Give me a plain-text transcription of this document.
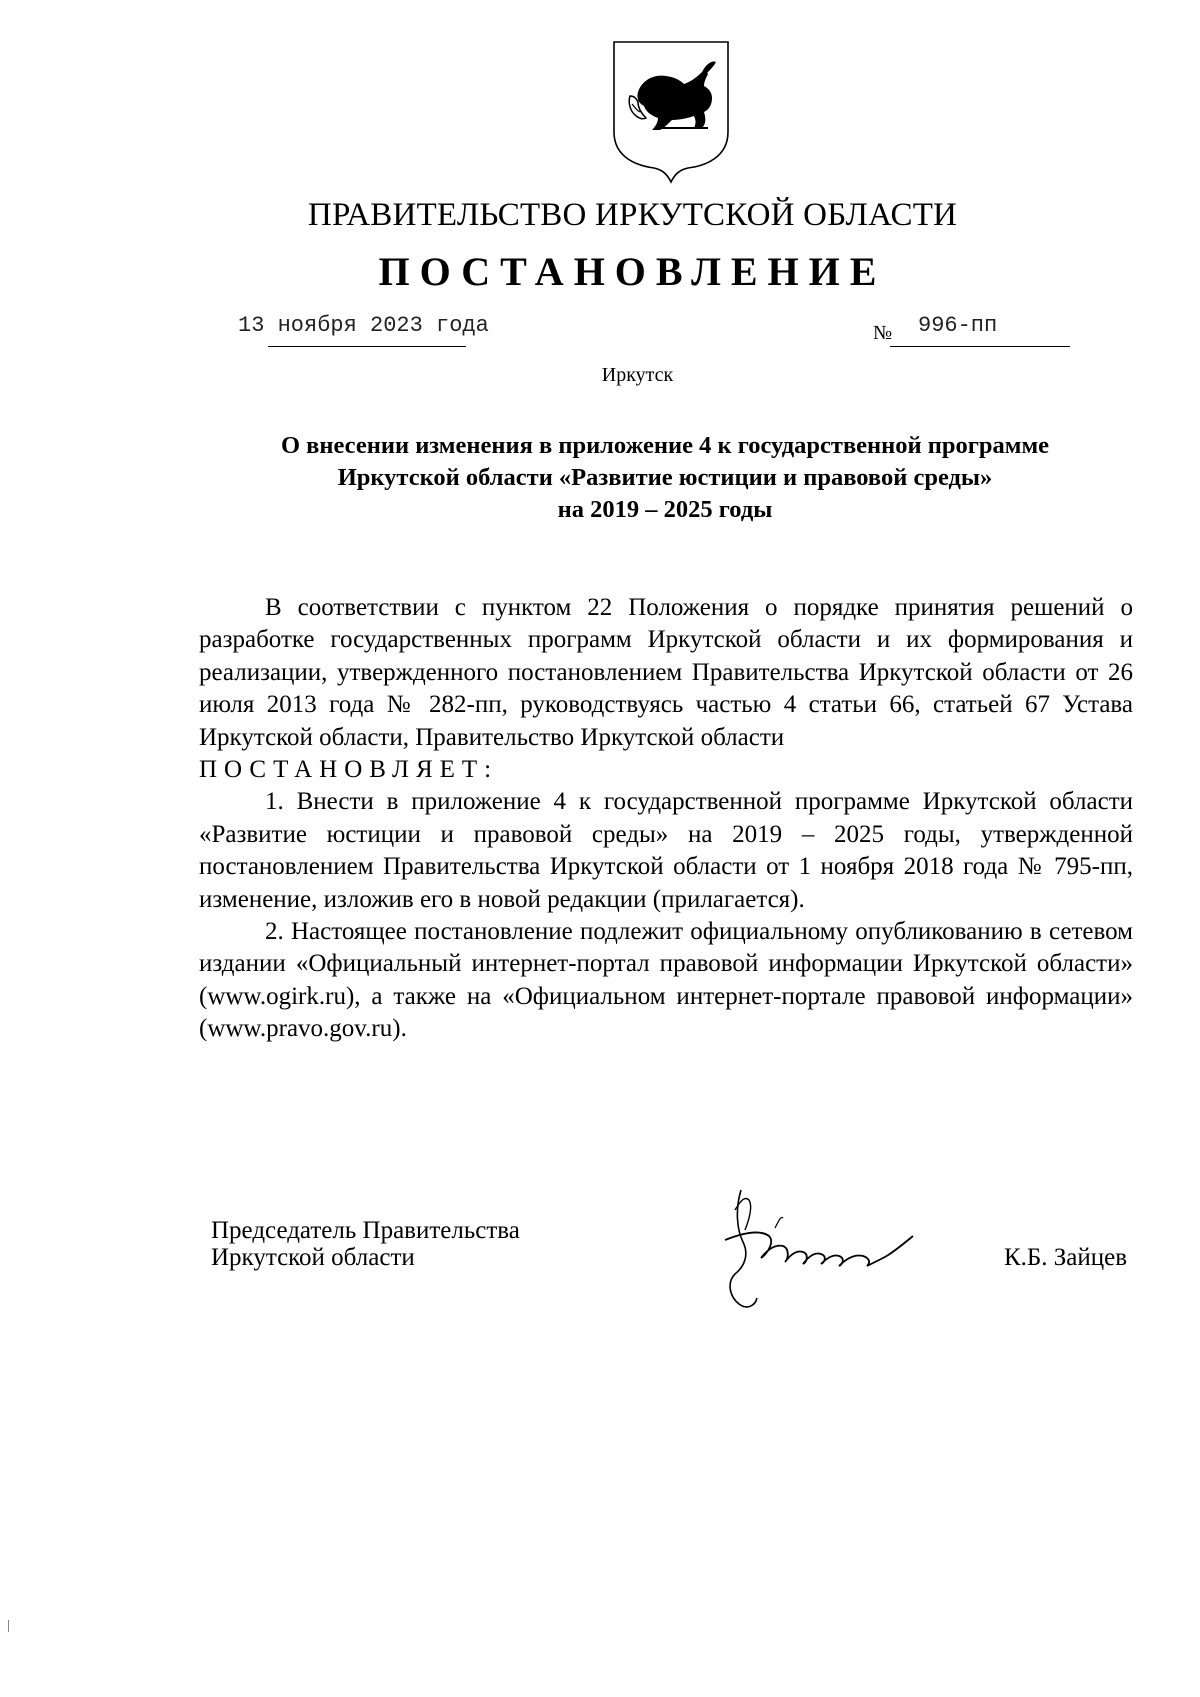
ПРАВИТЕЛЬСТВО ИРКУТСКОЙ ОБЛАСТИ
ПОСТАНОВЛЕНИЕ
13 ноября 2023 года	№ 996-пп
Иркутск
О внесении изменения в приложение 4 к государственной программе
Иркутской области «Развитие юстиции и правовой среды»
на 2019 – 2025 годы

В соответствии с пунктом 22 Положения о порядке принятия решений о разработке государственных программ Иркутской области и их формирования и реализации, утвержденного постановлением Правительства Иркутской области от 26 июля 2013 года № 282-пп, руководствуясь частью 4 статьи 66, статьей 67 Устава Иркутской области, Правительство Иркутской области

ПОСТАНОВЛЯЕТ:

1. Внести в приложение 4 к государственной программе Иркутской области «Развитие юстиции и правовой среды» на 2019 – 2025 годы, утвержденной постановлением Правительства Иркутской области от 1 ноября 2018 года № 795-пп, изменение, изложив его в новой редакции (прилагается).

2. Настоящее постановление подлежит официальному опубликованию в сетевом издании «Официальный интернет-портал правовой информации Иркутской области» (www.ogirk.ru), а также на «Официальном интернет-портале правовой информации» (www.pravo.gov.ru).

Председатель Правительства
Иркутской области	К.Б. Зайцев
